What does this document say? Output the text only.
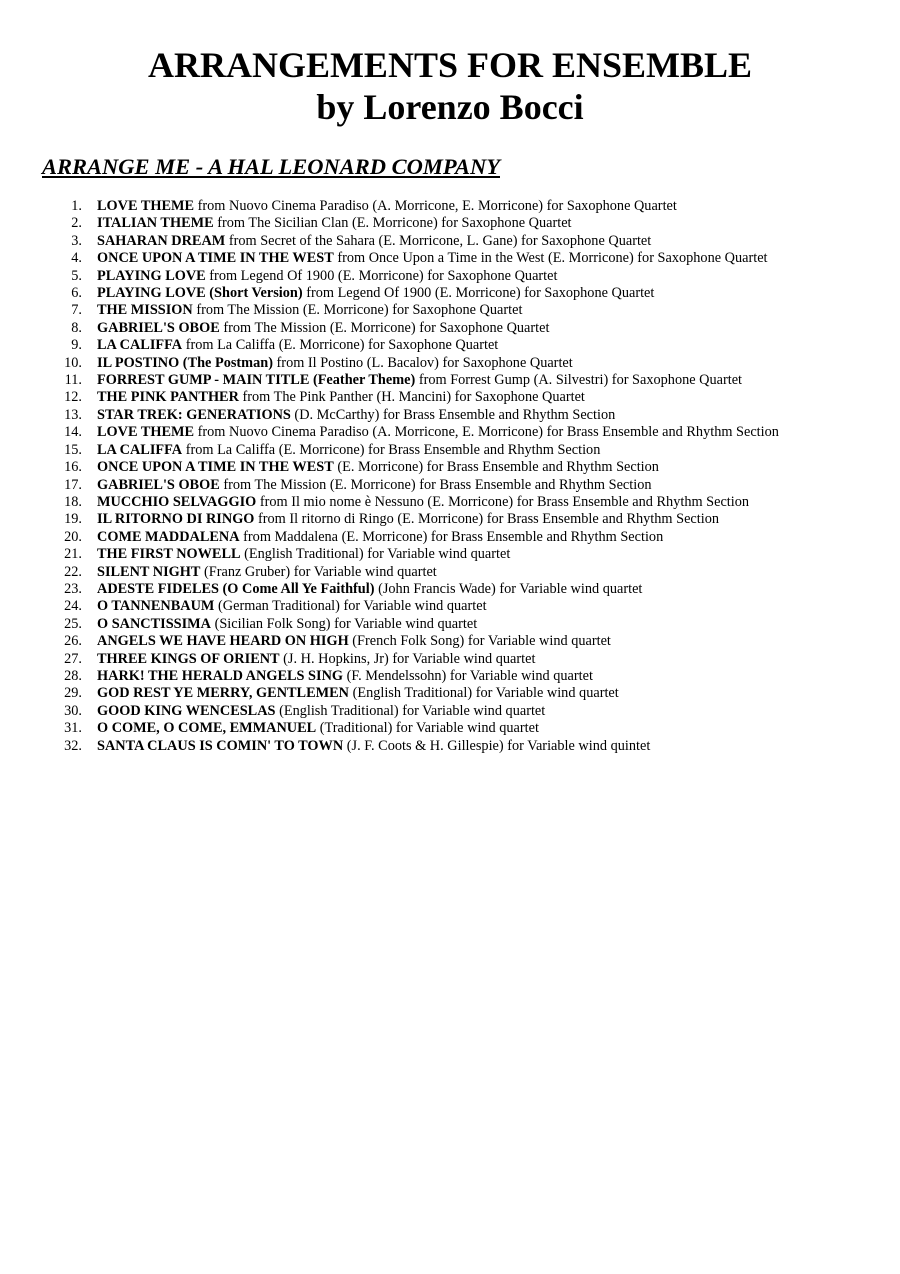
ARRANGEMENTS FOR ENSEMBLE
by Lorenzo Bocci
ARRANGE ME - A HAL LEONARD COMPANY
1. LOVE THEME from Nuovo Cinema Paradiso (A. Morricone, E. Morricone) for Saxophone Quartet
2. ITALIAN THEME from The Sicilian Clan (E. Morricone) for Saxophone Quartet
3. SAHARAN DREAM from Secret of the Sahara (E. Morricone, L. Gane) for Saxophone Quartet
4. ONCE UPON A TIME IN THE WEST from Once Upon a Time in the West (E. Morricone) for Saxophone Quartet
5. PLAYING LOVE from Legend Of 1900 (E. Morricone) for Saxophone Quartet
6. PLAYING LOVE (Short Version) from Legend Of 1900 (E. Morricone) for Saxophone Quartet
7. THE MISSION from The Mission (E. Morricone) for Saxophone Quartet
8. GABRIEL'S OBOE from The Mission (E. Morricone) for Saxophone Quartet
9. LA CALIFFA from La Califfa (E. Morricone) for Saxophone Quartet
10. IL POSTINO (The Postman) from Il Postino (L. Bacalov) for Saxophone Quartet
11. FORREST GUMP - MAIN TITLE (Feather Theme) from Forrest Gump (A. Silvestri) for Saxophone Quartet
12. THE PINK PANTHER from The Pink Panther (H. Mancini) for Saxophone Quartet
13. STAR TREK: GENERATIONS (D. McCarthy) for Brass Ensemble and Rhythm Section
14. LOVE THEME from Nuovo Cinema Paradiso (A. Morricone, E. Morricone) for Brass Ensemble and Rhythm Section
15. LA CALIFFA from La Califfa (E. Morricone) for Brass Ensemble and Rhythm Section
16. ONCE UPON A TIME IN THE WEST (E. Morricone) for Brass Ensemble and Rhythm Section
17. GABRIEL'S OBOE from The Mission (E. Morricone) for Brass Ensemble and Rhythm Section
18. MUCCHIO SELVAGGIO from Il mio nome è Nessuno (E. Morricone) for Brass Ensemble and Rhythm Section
19. IL RITORNO DI RINGO from Il ritorno di Ringo (E. Morricone) for Brass Ensemble and Rhythm Section
20. COME MADDALENA from Maddalena (E. Morricone) for Brass Ensemble and Rhythm Section
21. THE FIRST NOWELL (English Traditional) for Variable wind quartet
22. SILENT NIGHT (Franz Gruber) for Variable wind quartet
23. ADESTE FIDELES (O Come All Ye Faithful) (John Francis Wade) for Variable wind quartet
24. O TANNENBAUM (German Traditional) for Variable wind quartet
25. O SANCTISSIMA (Sicilian Folk Song) for Variable wind quartet
26. ANGELS WE HAVE HEARD ON HIGH (French Folk Song) for Variable wind quartet
27. THREE KINGS OF ORIENT (J. H. Hopkins, Jr) for Variable wind quartet
28. HARK! THE HERALD ANGELS SING (F. Mendelssohn) for Variable wind quartet
29. GOD REST YE MERRY, GENTLEMEN (English Traditional) for Variable wind quartet
30. GOOD KING WENCESLAS (English Traditional) for Variable wind quartet
31. O COME, O COME, EMMANUEL (Traditional) for Variable wind quartet
32. SANTA CLAUS IS COMIN' TO TOWN (J. F. Coots & H. Gillespie) for Variable wind quintet
